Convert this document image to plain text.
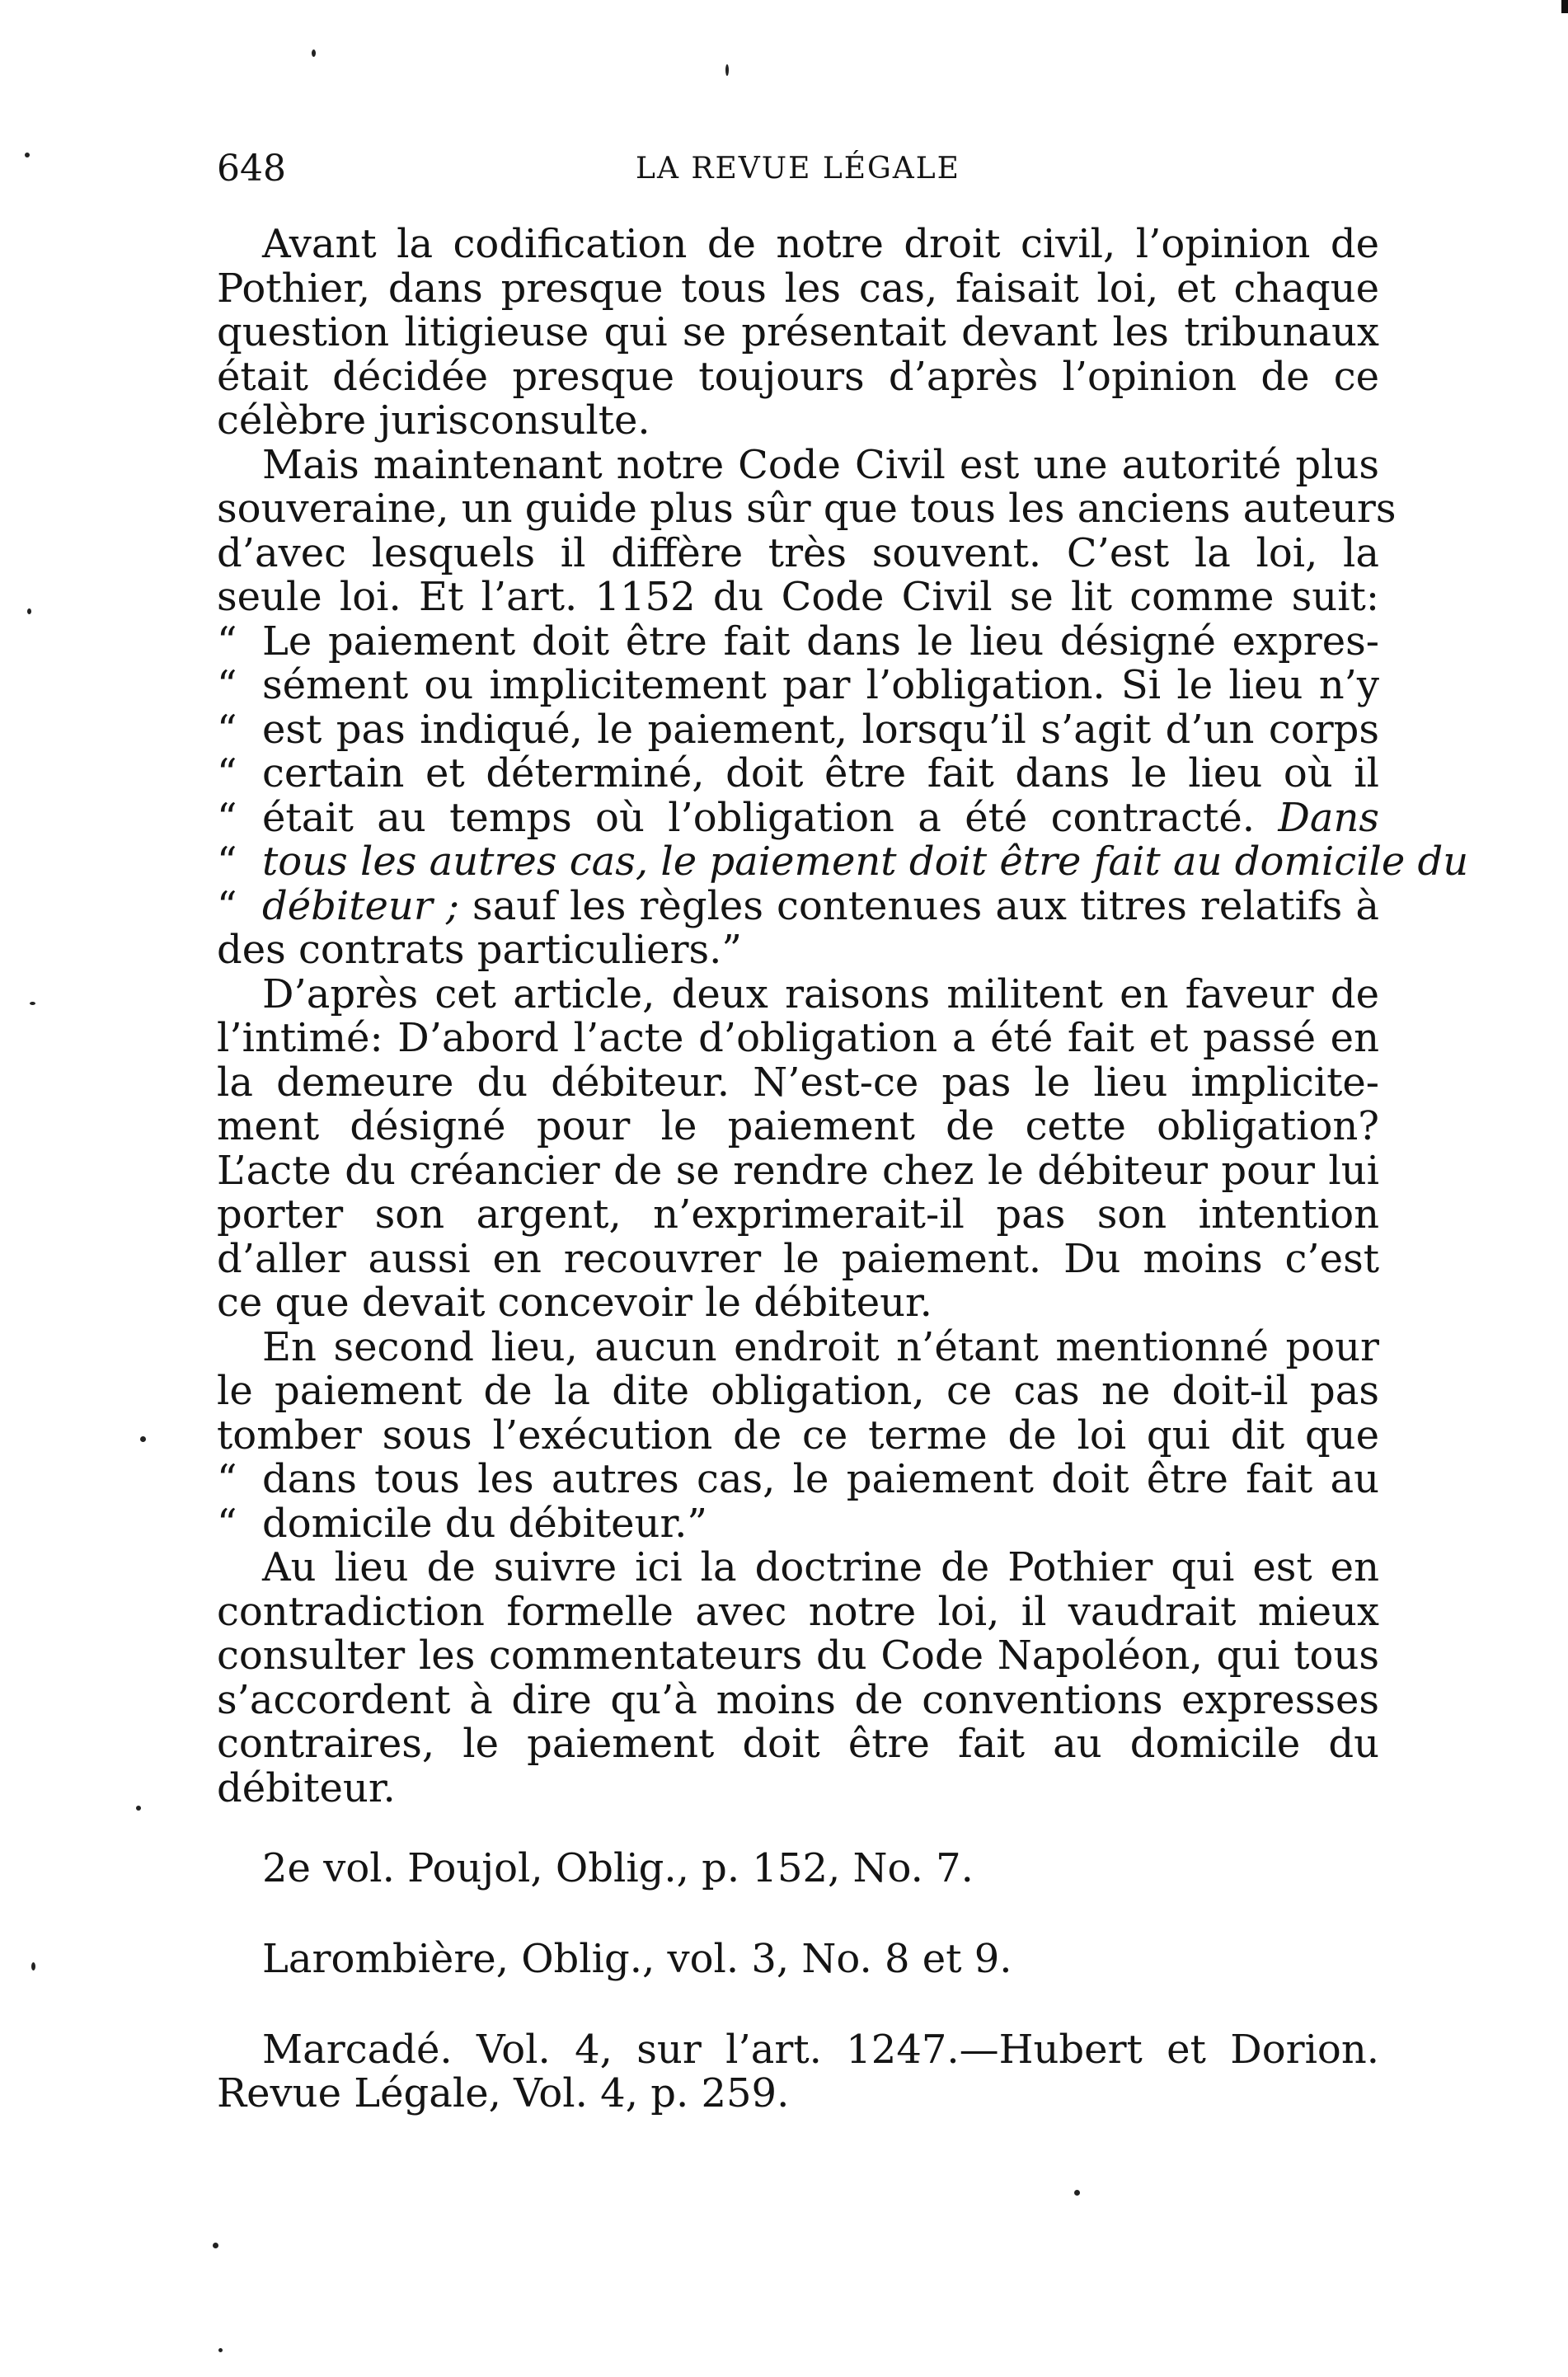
648	LA REVUE LÉGALE
Avant la codification de notre droit civil, l’opinion de
Pothier, dans presque tous les cas, faisait loi, et chaque
question litigieuse qui se présentait devant les tribunaux
était décidée presque toujours d’après l’opinion de ce
célèbre jurisconsulte.
Mais maintenant notre Code Civil est une autorité plus
souveraine, un guide plus sûr que tous les anciens auteurs
d’avec lesquels il diffère très souvent. C’est la loi, la
seule loi. Et l’art. 1152 du Code Civil se lit comme suit:
“ Le paiement doit être fait dans le lieu désigné expres-
“ sément ou implicitement par l’obligation. Si le lieu n’y
“ est pas indiqué, le paiement, lorsqu’il s’agit d’un corps
“ certain et déterminé, doit être fait dans le lieu où il
“ était au temps où l’obligation a été contracté. Dans
“ tous les autres cas, le paiement doit être fait au domicile du
“ débiteur ; sauf les règles contenues aux titres relatifs à
des contrats particuliers.”
D’après cet article, deux raisons militent en faveur de
l’intimé: D’abord l’acte d’obligation a été fait et passé en
la demeure du débiteur. N’est-ce pas le lieu implicite-
ment désigné pour le paiement de cette obligation?
L’acte du créancier de se rendre chez le débiteur pour lui
porter son argent, n’exprimerait-il pas son intention
d’aller aussi en recouvrer le paiement. Du moins c’est
ce que devait concevoir le débiteur.
En second lieu, aucun endroit n’étant mentionné pour
le paiement de la dite obligation, ce cas ne doit-il pas
tomber sous l’exécution de ce terme de loi qui dit que
“ dans tous les autres cas, le paiement doit être fait au
“ domicile du débiteur.”
Au lieu de suivre ici la doctrine de Pothier qui est en
contradiction formelle avec notre loi, il vaudrait mieux
consulter les commentateurs du Code Napoléon, qui tous
s’accordent à dire qu’à moins de conventions expresses
contraires, le paiement doit être fait au domicile du
débiteur.
2e vol. Poujol, Oblig., p. 152, No. 7.
Larombière, Oblig., vol. 3, No. 8 et 9.
Marcadé. Vol. 4, sur l’art. 1247.—Hubert et Dorion.
Revue Légale, Vol. 4, p. 259.
